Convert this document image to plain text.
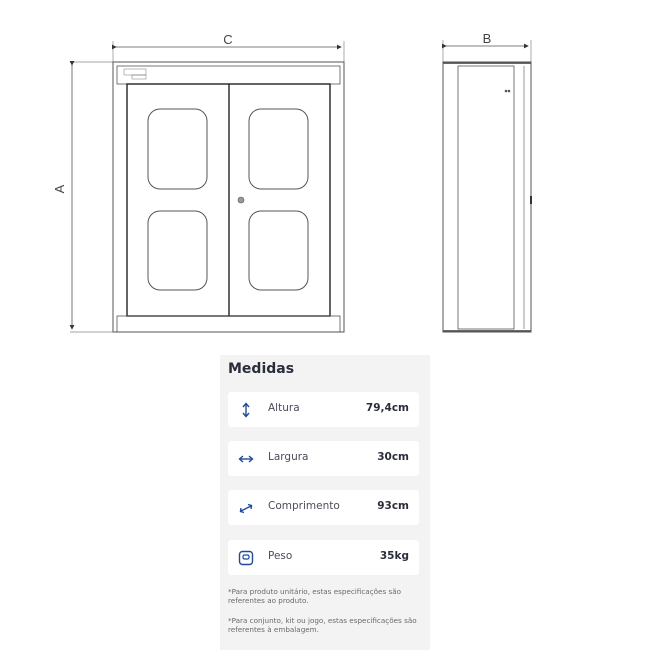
C
A
B
Medidas
Altura	79,4cm
Largura	30cm
Comprimento	93cm
Peso	35kg
*Para produto unitário, estas especificações são referentes ao produto.
*Para conjunto, kit ou jogo, estas especificações são referentes à embalagem.
